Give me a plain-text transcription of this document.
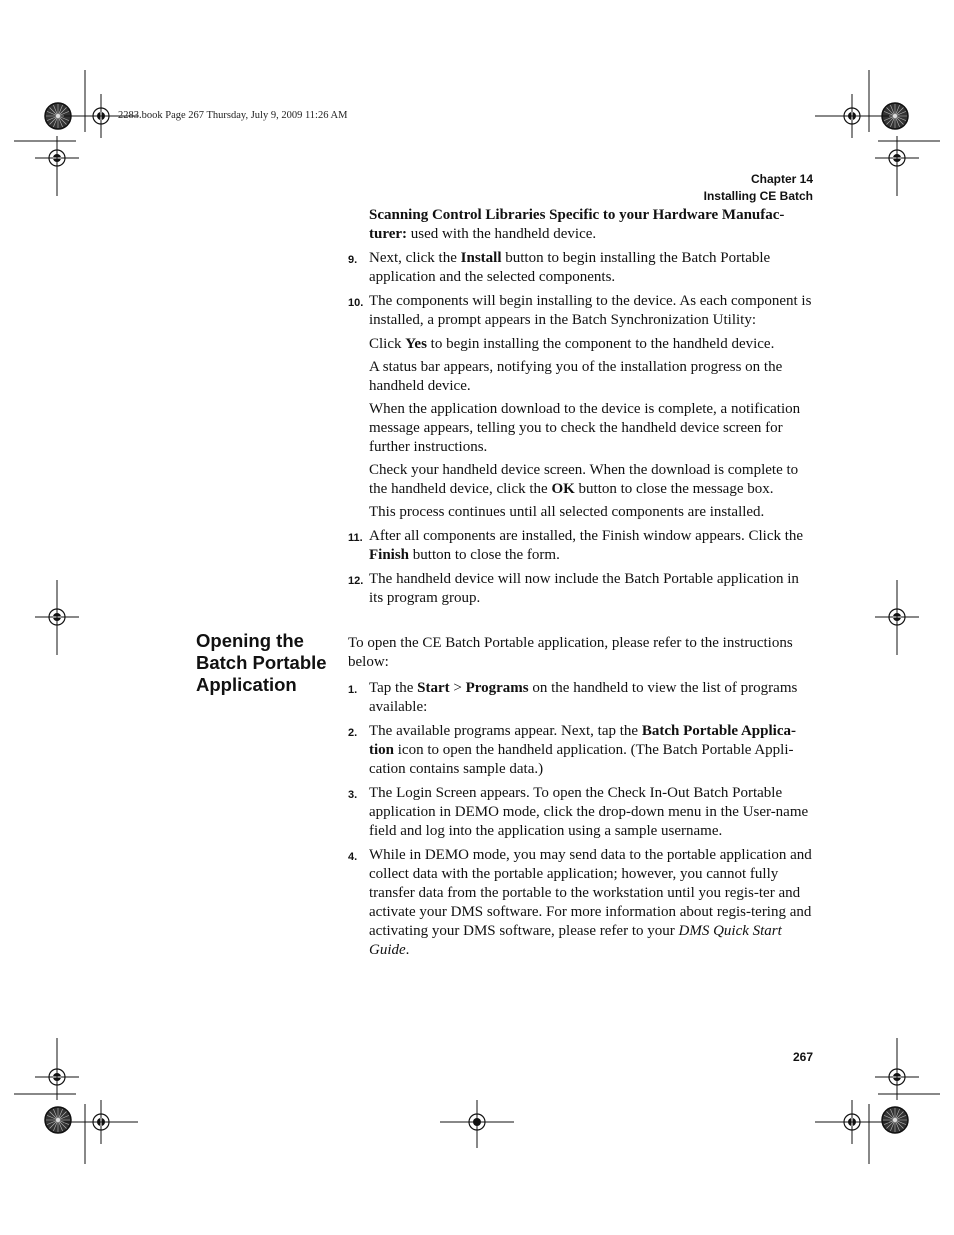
2283.book Page 267 Thursday, July 9, 2009 11:26 AM
Chapter 14
Installing CE Batch

Scanning Control Libraries Specific to your Hardware Manufac-
turer: used with the handheld device.

9. Next, click the Install button to begin installing the Batch Portable application and the selected components.

10. The components will begin installing to the device. As each component is installed, a prompt appears in the Batch Synchronization Utility:

Click Yes to begin installing the component to the handheld device.

A status bar appears, notifying you of the installation progress on the handheld device.

When the application download to the device is complete, a notification message appears, telling you to check the handheld device screen for further instructions.

Check your handheld device screen. When the download is complete to the handheld device, click the OK button to close the message box.

This process continues until all selected components are installed.

11. After all components are installed, the Finish window appears. Click the Finish button to close the form.

12. The handheld device will now include the Batch Portable application in its program group.

Opening the Batch Portable Application

To open the CE Batch Portable application, please refer to the instructions below:

1. Tap the Start > Programs on the handheld to view the list of programs available:

2. The available programs appear. Next, tap the Batch Portable Applica-tion icon to open the handheld application. (The Batch Portable Appli-cation contains sample data.)

3. The Login Screen appears. To open the Check In-Out Batch Portable application in DEMO mode, click the drop-down menu in the User-name field and log into the application using a sample username.

4. While in DEMO mode, you may send data to the portable application and collect data with the portable application; however, you cannot fully transfer data from the portable to the workstation until you regis-ter and activate your DMS software. For more information about regis-tering and activating your DMS software, please refer to your DMS Quick Start Guide.

267
